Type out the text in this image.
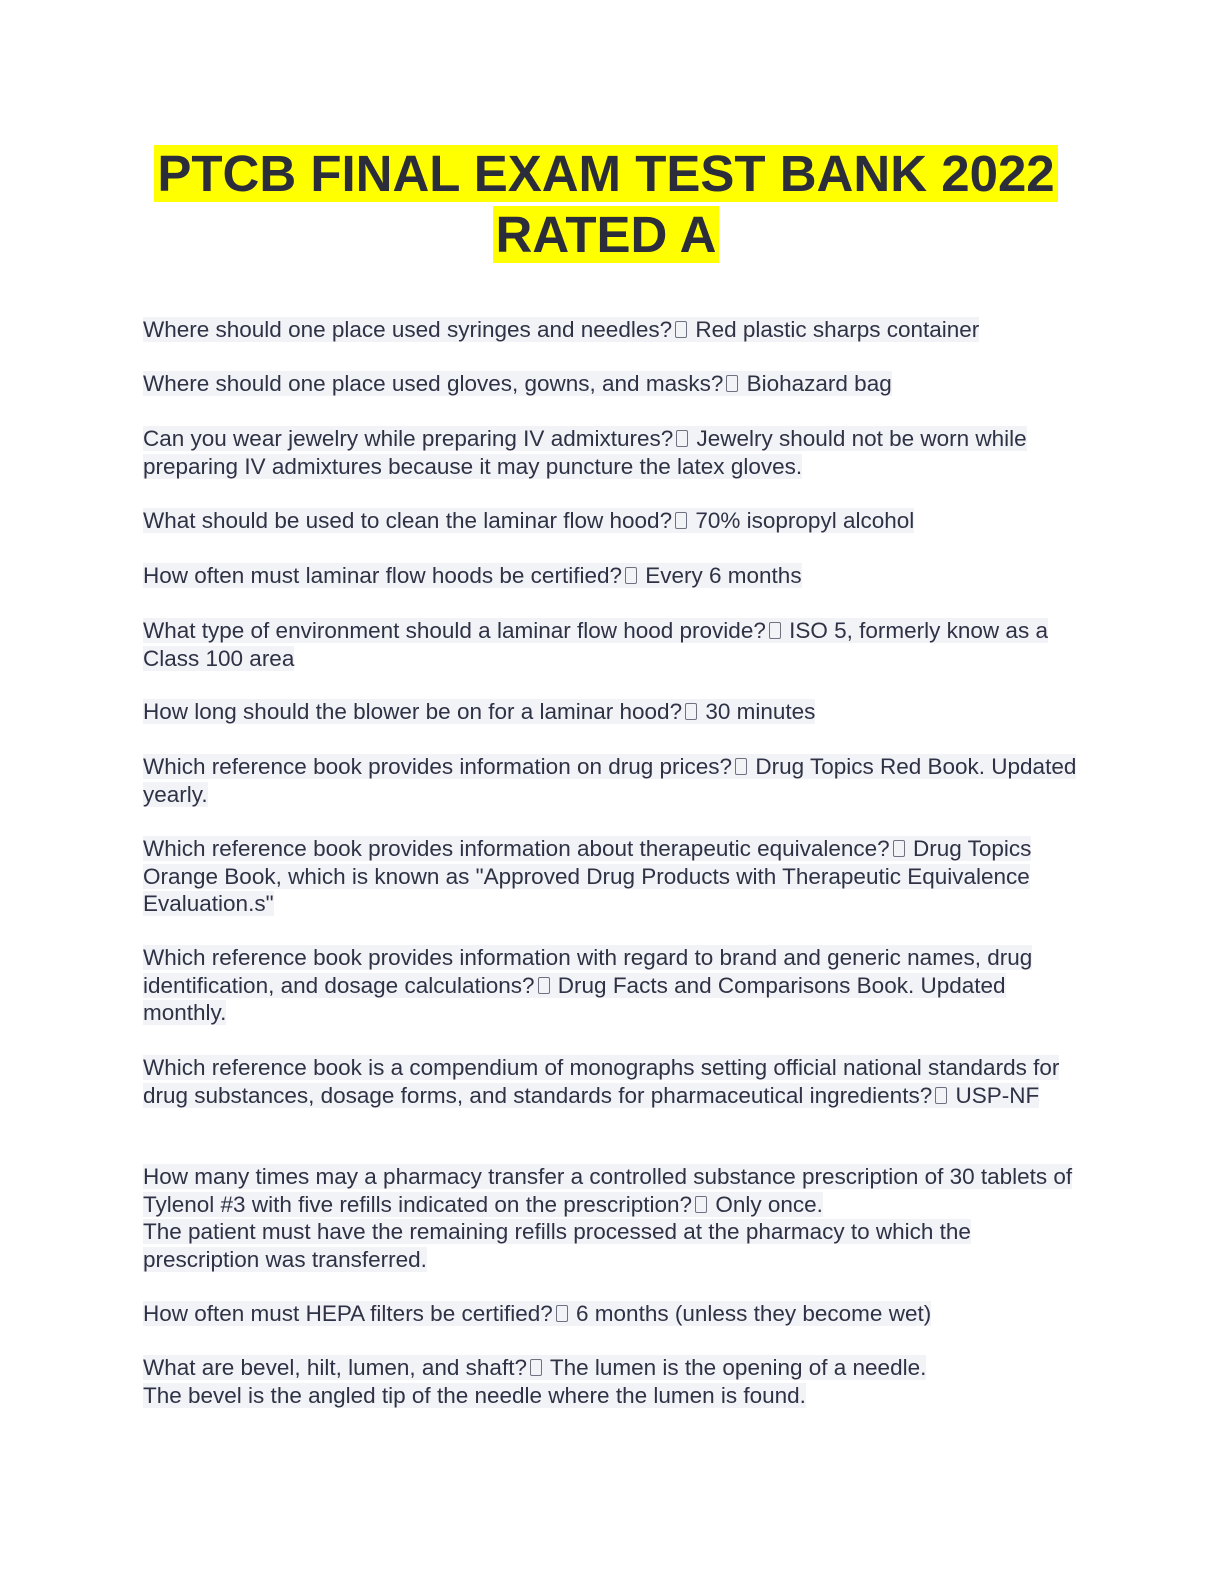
PTCB FINAL EXAM TEST BANK 2022 RATED A

Where should one place used syringes and needles? Red plastic sharps container

Where should one place used gloves, gowns, and masks? Biohazard bag

Can you wear jewelry while preparing IV admixtures? Jewelry should not be worn while preparing IV admixtures because it may puncture the latex gloves.

What should be used to clean the laminar flow hood? 70% isopropyl alcohol

How often must laminar flow hoods be certified? Every 6 months

What type of environment should a laminar flow hood provide? ISO 5, formerly know as a Class 100 area

How long should the blower be on for a laminar hood? 30 minutes

Which reference book provides information on drug prices? Drug Topics Red Book. Updated yearly.

Which reference book provides information about therapeutic equivalence? Drug Topics Orange Book, which is known as "Approved Drug Products with Therapeutic Equivalence Evaluation.s"

Which reference book provides information with regard to brand and generic names, drug identification, and dosage calculations? Drug Facts and Comparisons Book. Updated monthly.

Which reference book is a compendium of monographs setting official national standards for drug substances, dosage forms, and standards for pharmaceutical ingredients? USP-NF

How many times may a pharmacy transfer a controlled substance prescription of 30 tablets of Tylenol #3 with five refills indicated on the prescription? Only once.
The patient must have the remaining refills processed at the pharmacy to which the prescription was transferred.

How often must HEPA filters be certified? 6 months (unless they become wet)

What are bevel, hilt, lumen, and shaft? The lumen is the opening of a needle.
The bevel is the angled tip of the needle where the lumen is found.
